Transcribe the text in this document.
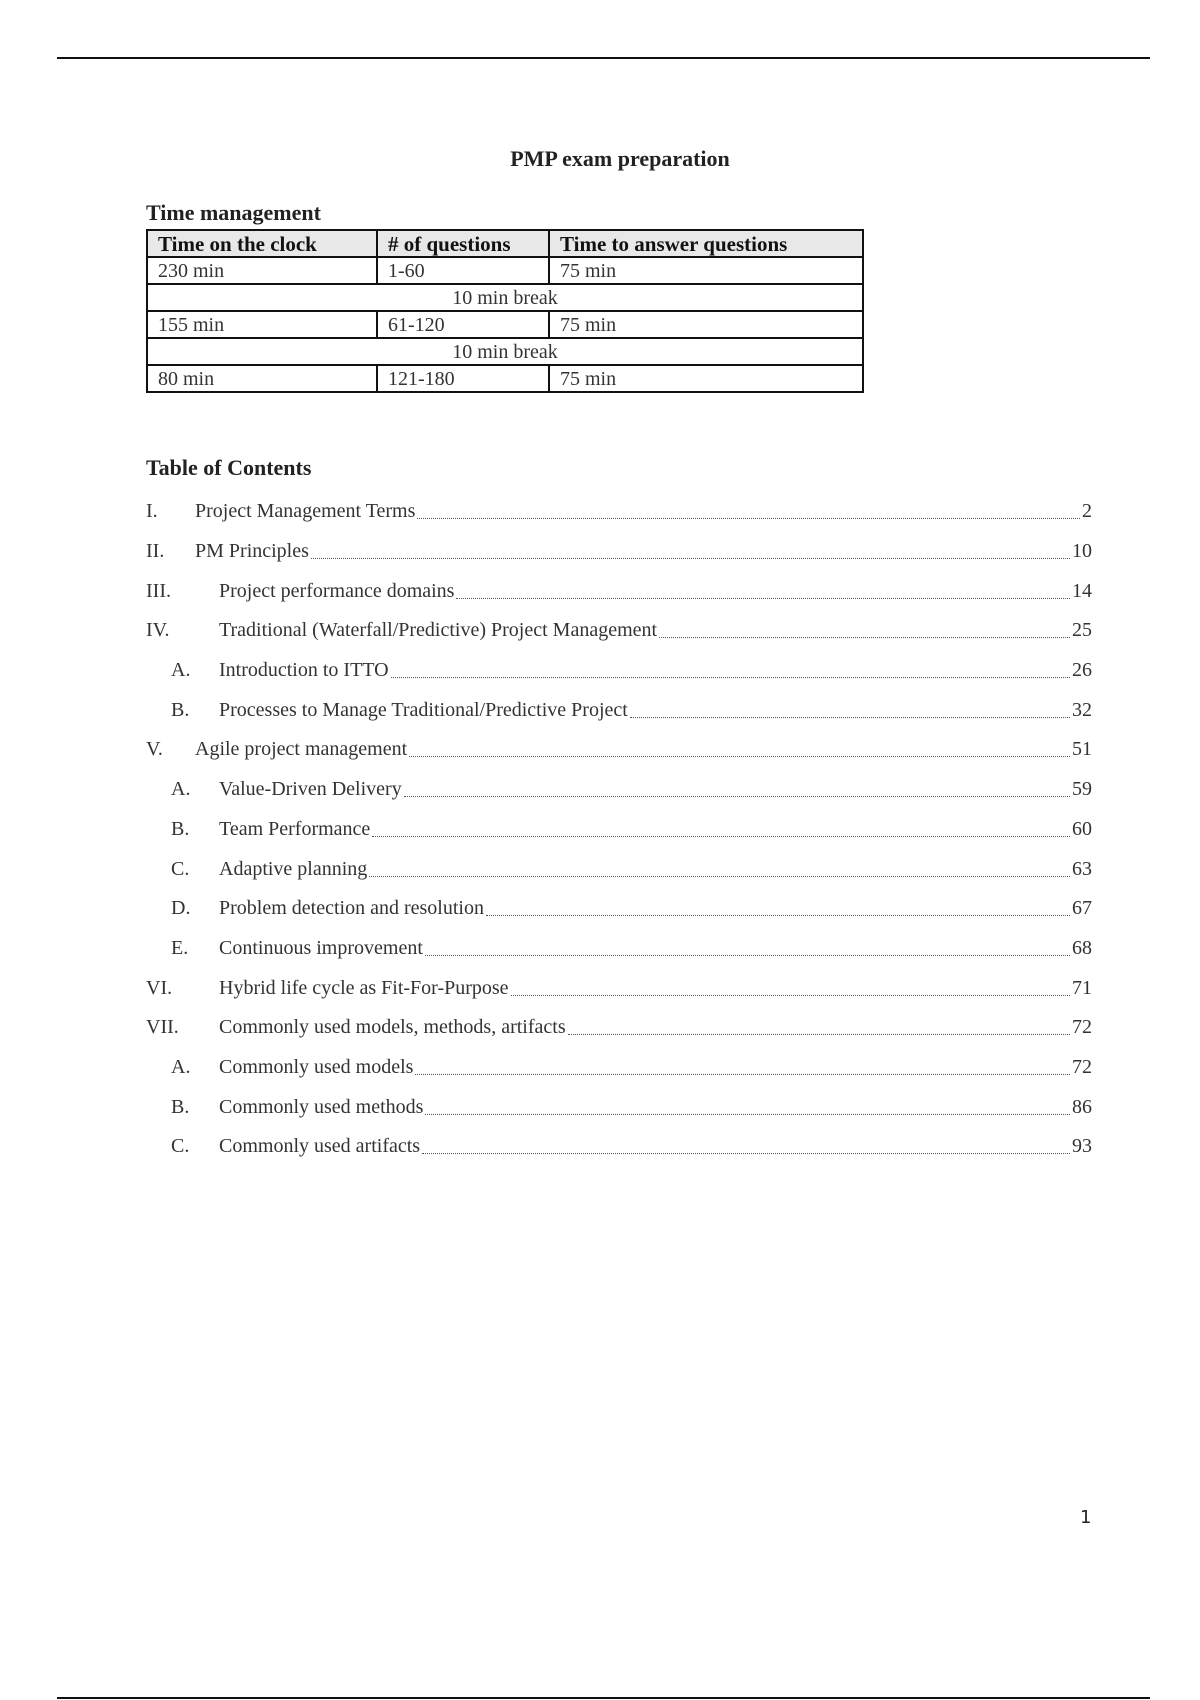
PMP exam preparation
Time management
Time on the clock	# of questions	Time to answer questions
230 min	1-60	75 min
10 min break		
155 min	61-120	75 min
10 min break		
80 min	121-180	75 min
Table of Contents
I.	Project Management Terms	2
II.	PM Principles	10
III.	Project performance domains	14
IV.	Traditional (Waterfall/Predictive) Project Management	25
A.	Introduction to ITTO	26
B.	Processes to Manage Traditional/Predictive Project	32
V.	Agile project management	51
A.	Value-Driven Delivery	59
B.	Team Performance	60
C.	Adaptive planning	63
D.	Problem detection and resolution	67
E.	Continuous improvement	68
VI.	Hybrid life cycle as Fit-For-Purpose	71
VII.	Commonly used models, methods, artifacts	72
A.	Commonly used models	72
B.	Commonly used methods	86
C.	Commonly used artifacts	93
1
